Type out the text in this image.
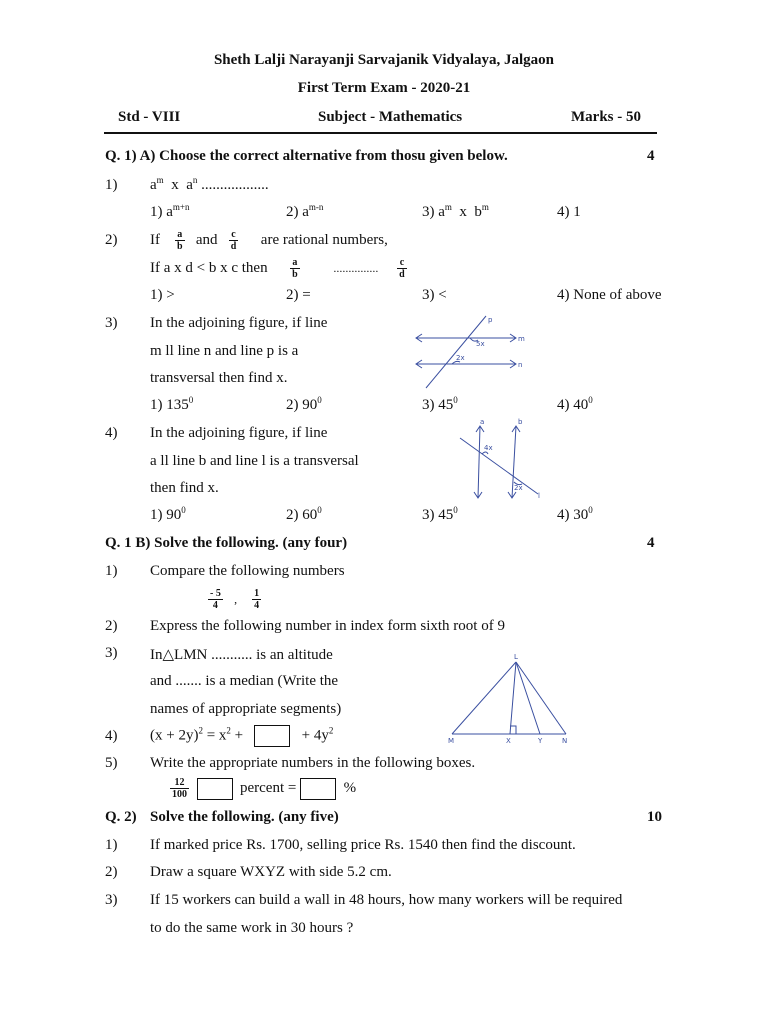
Sheth Lalji Narayanji Sarvajanik Vidyalaya, Jalgaon
First Term Exam - 2020-21
Std - VIII	Subject - Mathematics	Marks - 50
Q. 1) A) Choose the correct alternative from thosu given below.	4
1) $a^m$ x $a^n$ ..................
1) $a^{m+n}$	2) $a^{m-n}$	3) $a^m$ x $b^m$	4) 1
2) If $\frac{a}{b}$ and $\frac{c}{d}$ are rational numbers,
If a x d < b x c then $\frac{a}{b}$	............... $\frac{c}{d}$
1) >	2) =	3) <	4) None of above
3) In the adjoining figure, if line
m ll line n and line p is a
transversal then find x.
p
m
n
5x
2x
1) $135^0$	2) $90^0$	3) $45^0$	4) $40^0$
4) In the adjoining figure, if line
a ll line b and line l is a transversal
then find x.
a	b
l
4x
2x
1) $90^0$	2) $60^0$	3) $45^0$	4) $30^0$
Q. 1 B) Solve the following. (any four)	4
1) Compare the following numbers
$\frac{- 5}{4}$ , $\frac{1}{4}$
2) Express the following number in index form sixth root of 9
3) In△LMN ........... is an altitude
and ....... is a median (Write the
names of appropriate segments)
L
M	X	Y	N
4) $(x + 2y)^2 = x^2$ +	+ $4y^2$
5) Write the appropriate numbers in the following boxes.
$\frac{12}{100}$	percent =	%
Q. 2) Solve the following. (any five)	10
1) If marked price Rs. 1700, selling price Rs. 1540 then find the discount.
2) Draw a square WXYZ with side 5.2 cm.
3) If 15 workers can build a wall in 48 hours, how many workers will be required
to do the same work in 30 hours ?
